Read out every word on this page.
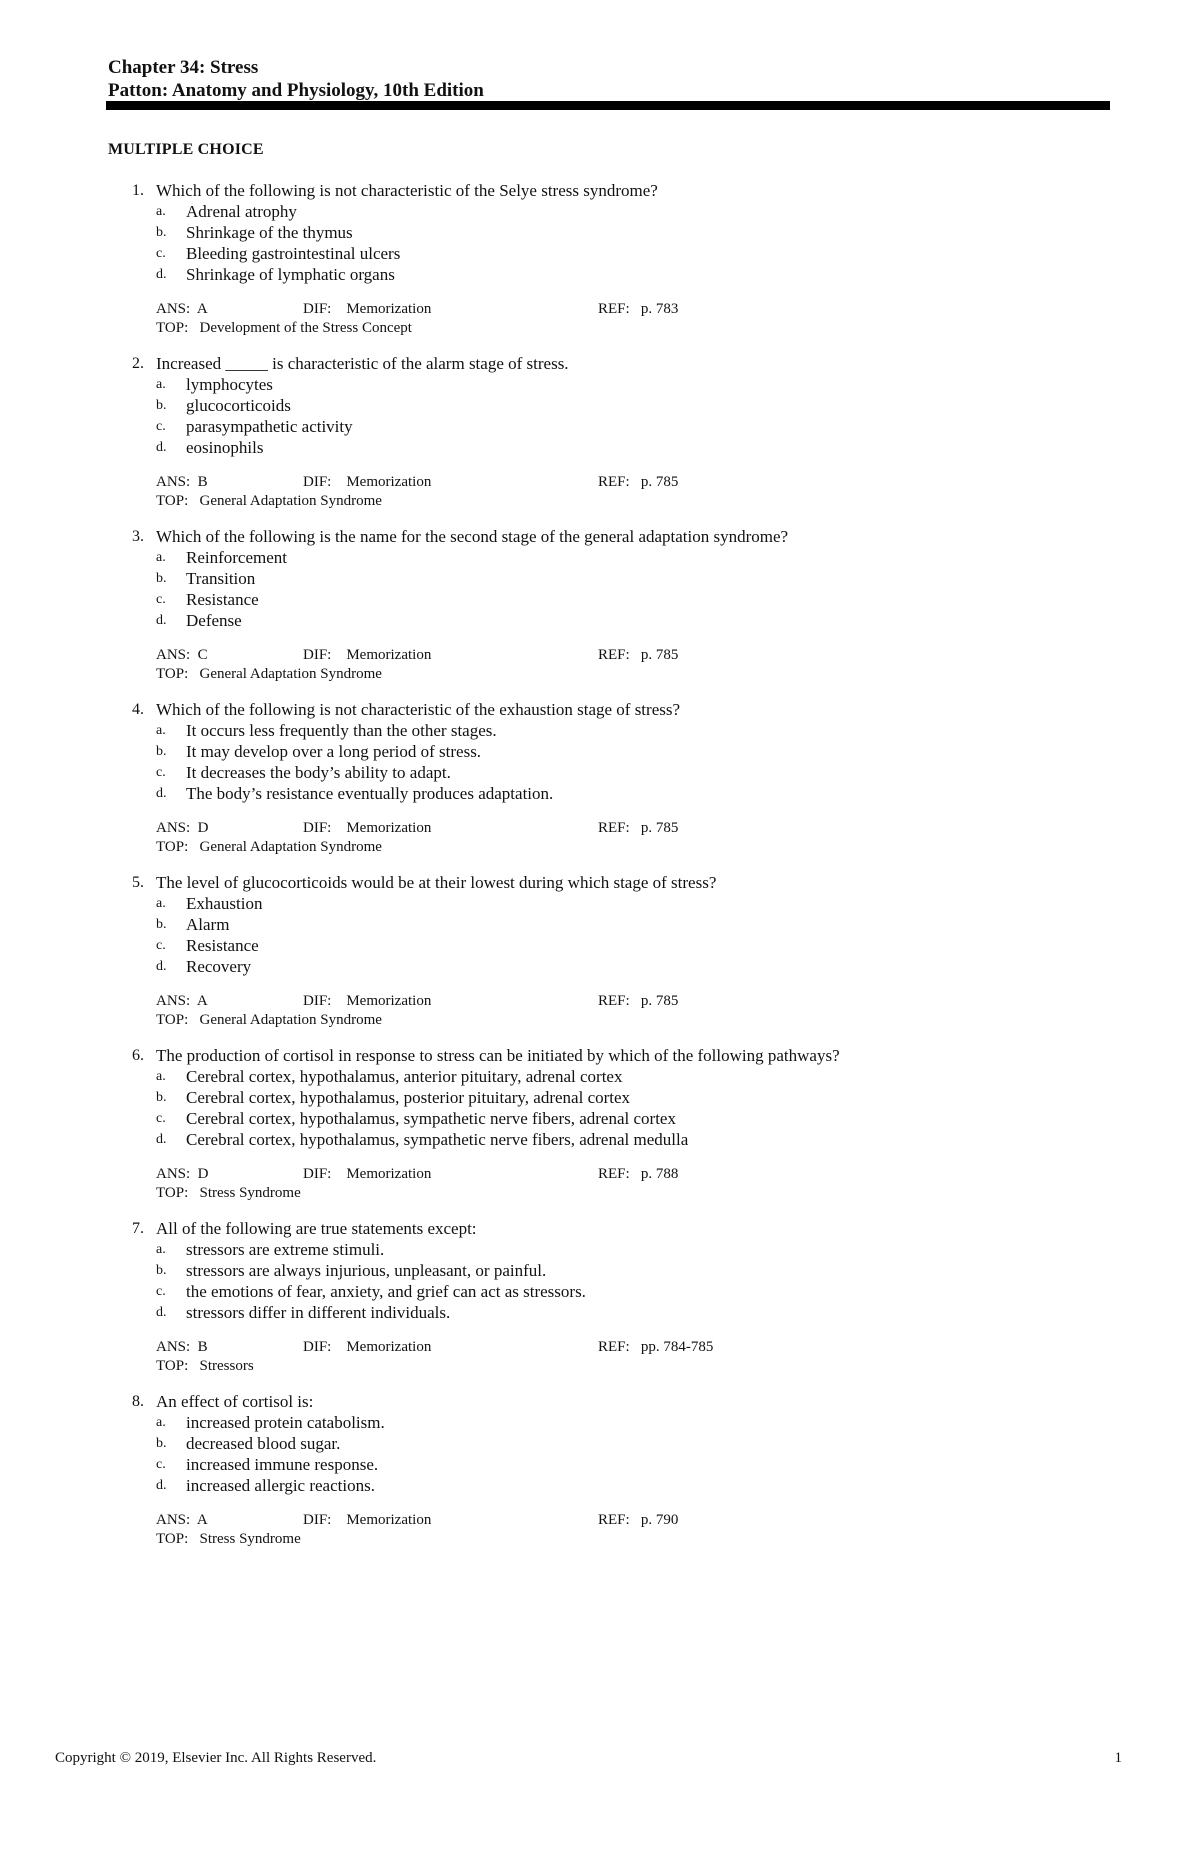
Chapter 34: Stress
Patton: Anatomy and Physiology, 10th Edition
MULTIPLE CHOICE
1. Which of the following is not characteristic of the Selye stress syndrome?
a. Adrenal atrophy
b. Shrinkage of the thymus
c. Bleeding gastrointestinal ulcers
d. Shrinkage of lymphatic organs
ANS:  A	DIF:    Memorization	REF:   p. 783
TOP:   Development of the Stress Concept
2. Increased _____ is characteristic of the alarm stage of stress.
a. lymphocytes
b. glucocorticoids
c. parasympathetic activity
d. eosinophils
ANS:  B	DIF:    Memorization	REF:   p. 785
TOP:   General Adaptation Syndrome
3. Which of the following is the name for the second stage of the general adaptation syndrome?
a. Reinforcement
b. Transition
c. Resistance
d. Defense
ANS:  C	DIF:    Memorization	REF:   p. 785
TOP:   General Adaptation Syndrome
4. Which of the following is not characteristic of the exhaustion stage of stress?
a. It occurs less frequently than the other stages.
b. It may develop over a long period of stress.
c. It decreases the body’s ability to adapt.
d. The body’s resistance eventually produces adaptation.
ANS:  D	DIF:    Memorization	REF:   p. 785
TOP:   General Adaptation Syndrome
5. The level of glucocorticoids would be at their lowest during which stage of stress?
a. Exhaustion
b. Alarm
c. Resistance
d. Recovery
ANS:  A	DIF:    Memorization	REF:   p. 785
TOP:   General Adaptation Syndrome
6. The production of cortisol in response to stress can be initiated by which of the following pathways?
a. Cerebral cortex, hypothalamus, anterior pituitary, adrenal cortex
b. Cerebral cortex, hypothalamus, posterior pituitary, adrenal cortex
c. Cerebral cortex, hypothalamus, sympathetic nerve fibers, adrenal cortex
d. Cerebral cortex, hypothalamus, sympathetic nerve fibers, adrenal medulla
ANS:  D	DIF:    Memorization	REF:   p. 788
TOP:   Stress Syndrome
7. All of the following are true statements except:
a. stressors are extreme stimuli.
b. stressors are always injurious, unpleasant, or painful.
c. the emotions of fear, anxiety, and grief can act as stressors.
d. stressors differ in different individuals.
ANS:  B	DIF:    Memorization	REF:   pp. 784-785
TOP:   Stressors
8. An effect of cortisol is:
a. increased protein catabolism.
b. decreased blood sugar.
c. increased immune response.
d. increased allergic reactions.
ANS:  A	DIF:    Memorization	REF:   p. 790
TOP:   Stress Syndrome
Copyright © 2019, Elsevier Inc. All Rights Reserved.	1
